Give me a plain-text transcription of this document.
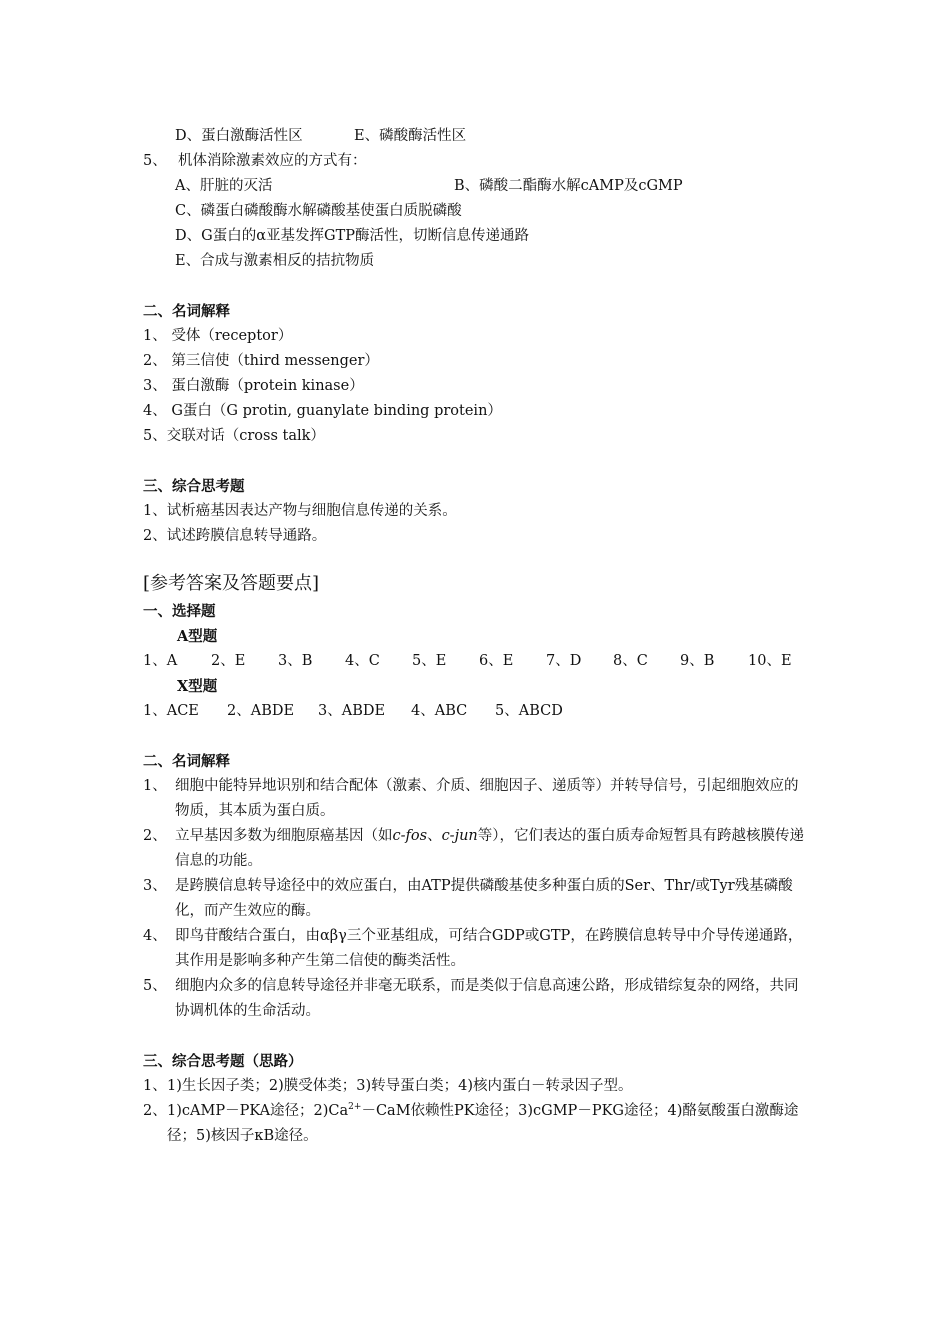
D、蛋白激酶活性区	E、磷酸酶活性区
5、 机体消除激素效应的方式有：
A、肝脏的灭活	B、磷酸二酯酶水解cAMP及cGMP
C、磷蛋白磷酸酶水解磷酸基使蛋白质脱磷酸
D、G蛋白的α亚基发挥GTP酶活性，切断信息传递通路
E、合成与激素相反的拮抗物质
二、名词解释
1、 受体（receptor）
2、 第三信使（third messenger）
3、 蛋白激酶（protein kinase）
4、 G蛋白（G protin, guanylate binding protein）
5、交联对话（cross talk）
三、综合思考题
1、试析癌基因表达产物与细胞信息传递的关系。
2、试述跨膜信息转导通路。
[参考答案及答题要点]
一、选择题
A型题
1、A 2、E 3、B 4、C 5、E 6、E 7、D 8、C 9、B 10、E
X型题
1、ACE 2、ABDE 3、ABDE 4、ABC 5、ABCD
二、名词解释
1、 细胞中能特异地识别和结合配体（激素、介质、细胞因子、递质等）并转导信号，引起细胞效应的物质，其本质为蛋白质。
2、 立早基因多数为细胞原癌基因（如c-fos、c-jun等），它们表达的蛋白质寿命短暂具有跨越核膜传递信息的功能。
3、 是跨膜信息转导途径中的效应蛋白，由ATP提供磷酸基使多种蛋白质的Ser、Thr/或Tyr残基磷酸化，而产生效应的酶。
4、 即鸟苷酸结合蛋白，由αβγ三个亚基组成，可结合GDP或GTP，在跨膜信息转导中介导传递通路，其作用是影响多种产生第二信使的酶类活性。
5、 细胞内众多的信息转导途径并非毫无联系，而是类似于信息高速公路，形成错综复杂的网络，共同协调机体的生命活动。
三、综合思考题（思路）
1、 1)生长因子类；2)膜受体类；3)转导蛋白类；4)核内蛋白－转录因子型。
2、 1)cAMP－PKA途径；$2)Ca^{2+}-CaM$依赖性PK途径；3)cGMP－PKG途径；4)酪氨酸蛋白激酶途径；5)核因子κB途径。
